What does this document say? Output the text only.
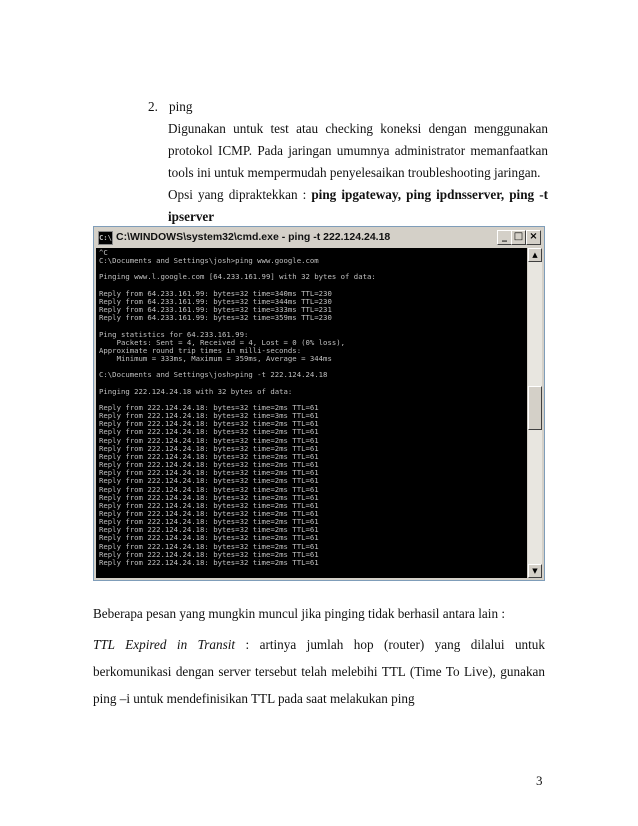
2. ping
Digunakan untuk test atau checking koneksi dengan menggunakan protokol ICMP. Pada jaringan umumnya administrator memanfaatkan tools ini untuk mempermudah penyelesaikan troubleshooting jaringan.
Opsi yang dipraktekkan : ping ipgateway, ping ipdnsserver, ping -t ipserver
C:\ C:\WINDOWS\system32\cmd.exe - ping -t 222.124.24.18	_ □ ×
^C
C:\Documents and Settings\josh>ping www.google.com

Pinging www.l.google.com [64.233.161.99] with 32 bytes of data:

Reply from 64.233.161.99: bytes=32 time=340ms TTL=230
Reply from 64.233.161.99: bytes=32 time=344ms TTL=230
Reply from 64.233.161.99: bytes=32 time=333ms TTL=231
Reply from 64.233.161.99: bytes=32 time=359ms TTL=230

Ping statistics for 64.233.161.99:
Packets: Sent = 4, Received = 4, Lost = 0 (0% loss),
Approximate round trip times in milli-seconds:
Minimum = 333ms, Maximum = 359ms, Average = 344ms

C:\Documents and Settings\josh>ping -t 222.124.24.18

Pinging 222.124.24.18 with 32 bytes of data:

Reply from 222.124.24.18: bytes=32 time=2ms TTL=61
Reply from 222.124.24.18: bytes=32 time=3ms TTL=61
Reply from 222.124.24.18: bytes=32 time=2ms TTL=61
Reply from 222.124.24.18: bytes=32 time=2ms TTL=61
Reply from 222.124.24.18: bytes=32 time=2ms TTL=61
Reply from 222.124.24.18: bytes=32 time=2ms TTL=61
Reply from 222.124.24.18: bytes=32 time=2ms TTL=61
Reply from 222.124.24.18: bytes=32 time=2ms TTL=61
Reply from 222.124.24.18: bytes=32 time=2ms TTL=61
Reply from 222.124.24.18: bytes=32 time=2ms TTL=61
Reply from 222.124.24.18: bytes=32 time=2ms TTL=61
Reply from 222.124.24.18: bytes=32 time=2ms TTL=61
Reply from 222.124.24.18: bytes=32 time=2ms TTL=61
Reply from 222.124.24.18: bytes=32 time=2ms TTL=61
Reply from 222.124.24.18: bytes=32 time=2ms TTL=61
Reply from 222.124.24.18: bytes=32 time=2ms TTL=61
Reply from 222.124.24.18: bytes=32 time=2ms TTL=61
Reply from 222.124.24.18: bytes=32 time=2ms TTL=61
Reply from 222.124.24.18: bytes=32 time=2ms TTL=61
Reply from 222.124.24.18: bytes=32 time=2ms TTL=61
▲
▼
Beberapa pesan yang mungkin muncul jika pinging tidak berhasil antara lain :
TTL Expired in Transit : artinya jumlah hop (router) yang dilalui untuk berkomunikasi dengan server tersebut telah melebihi TTL (Time To Live), gunakan ping –i untuk mendefinisikan TTL pada saat melakukan ping
3
